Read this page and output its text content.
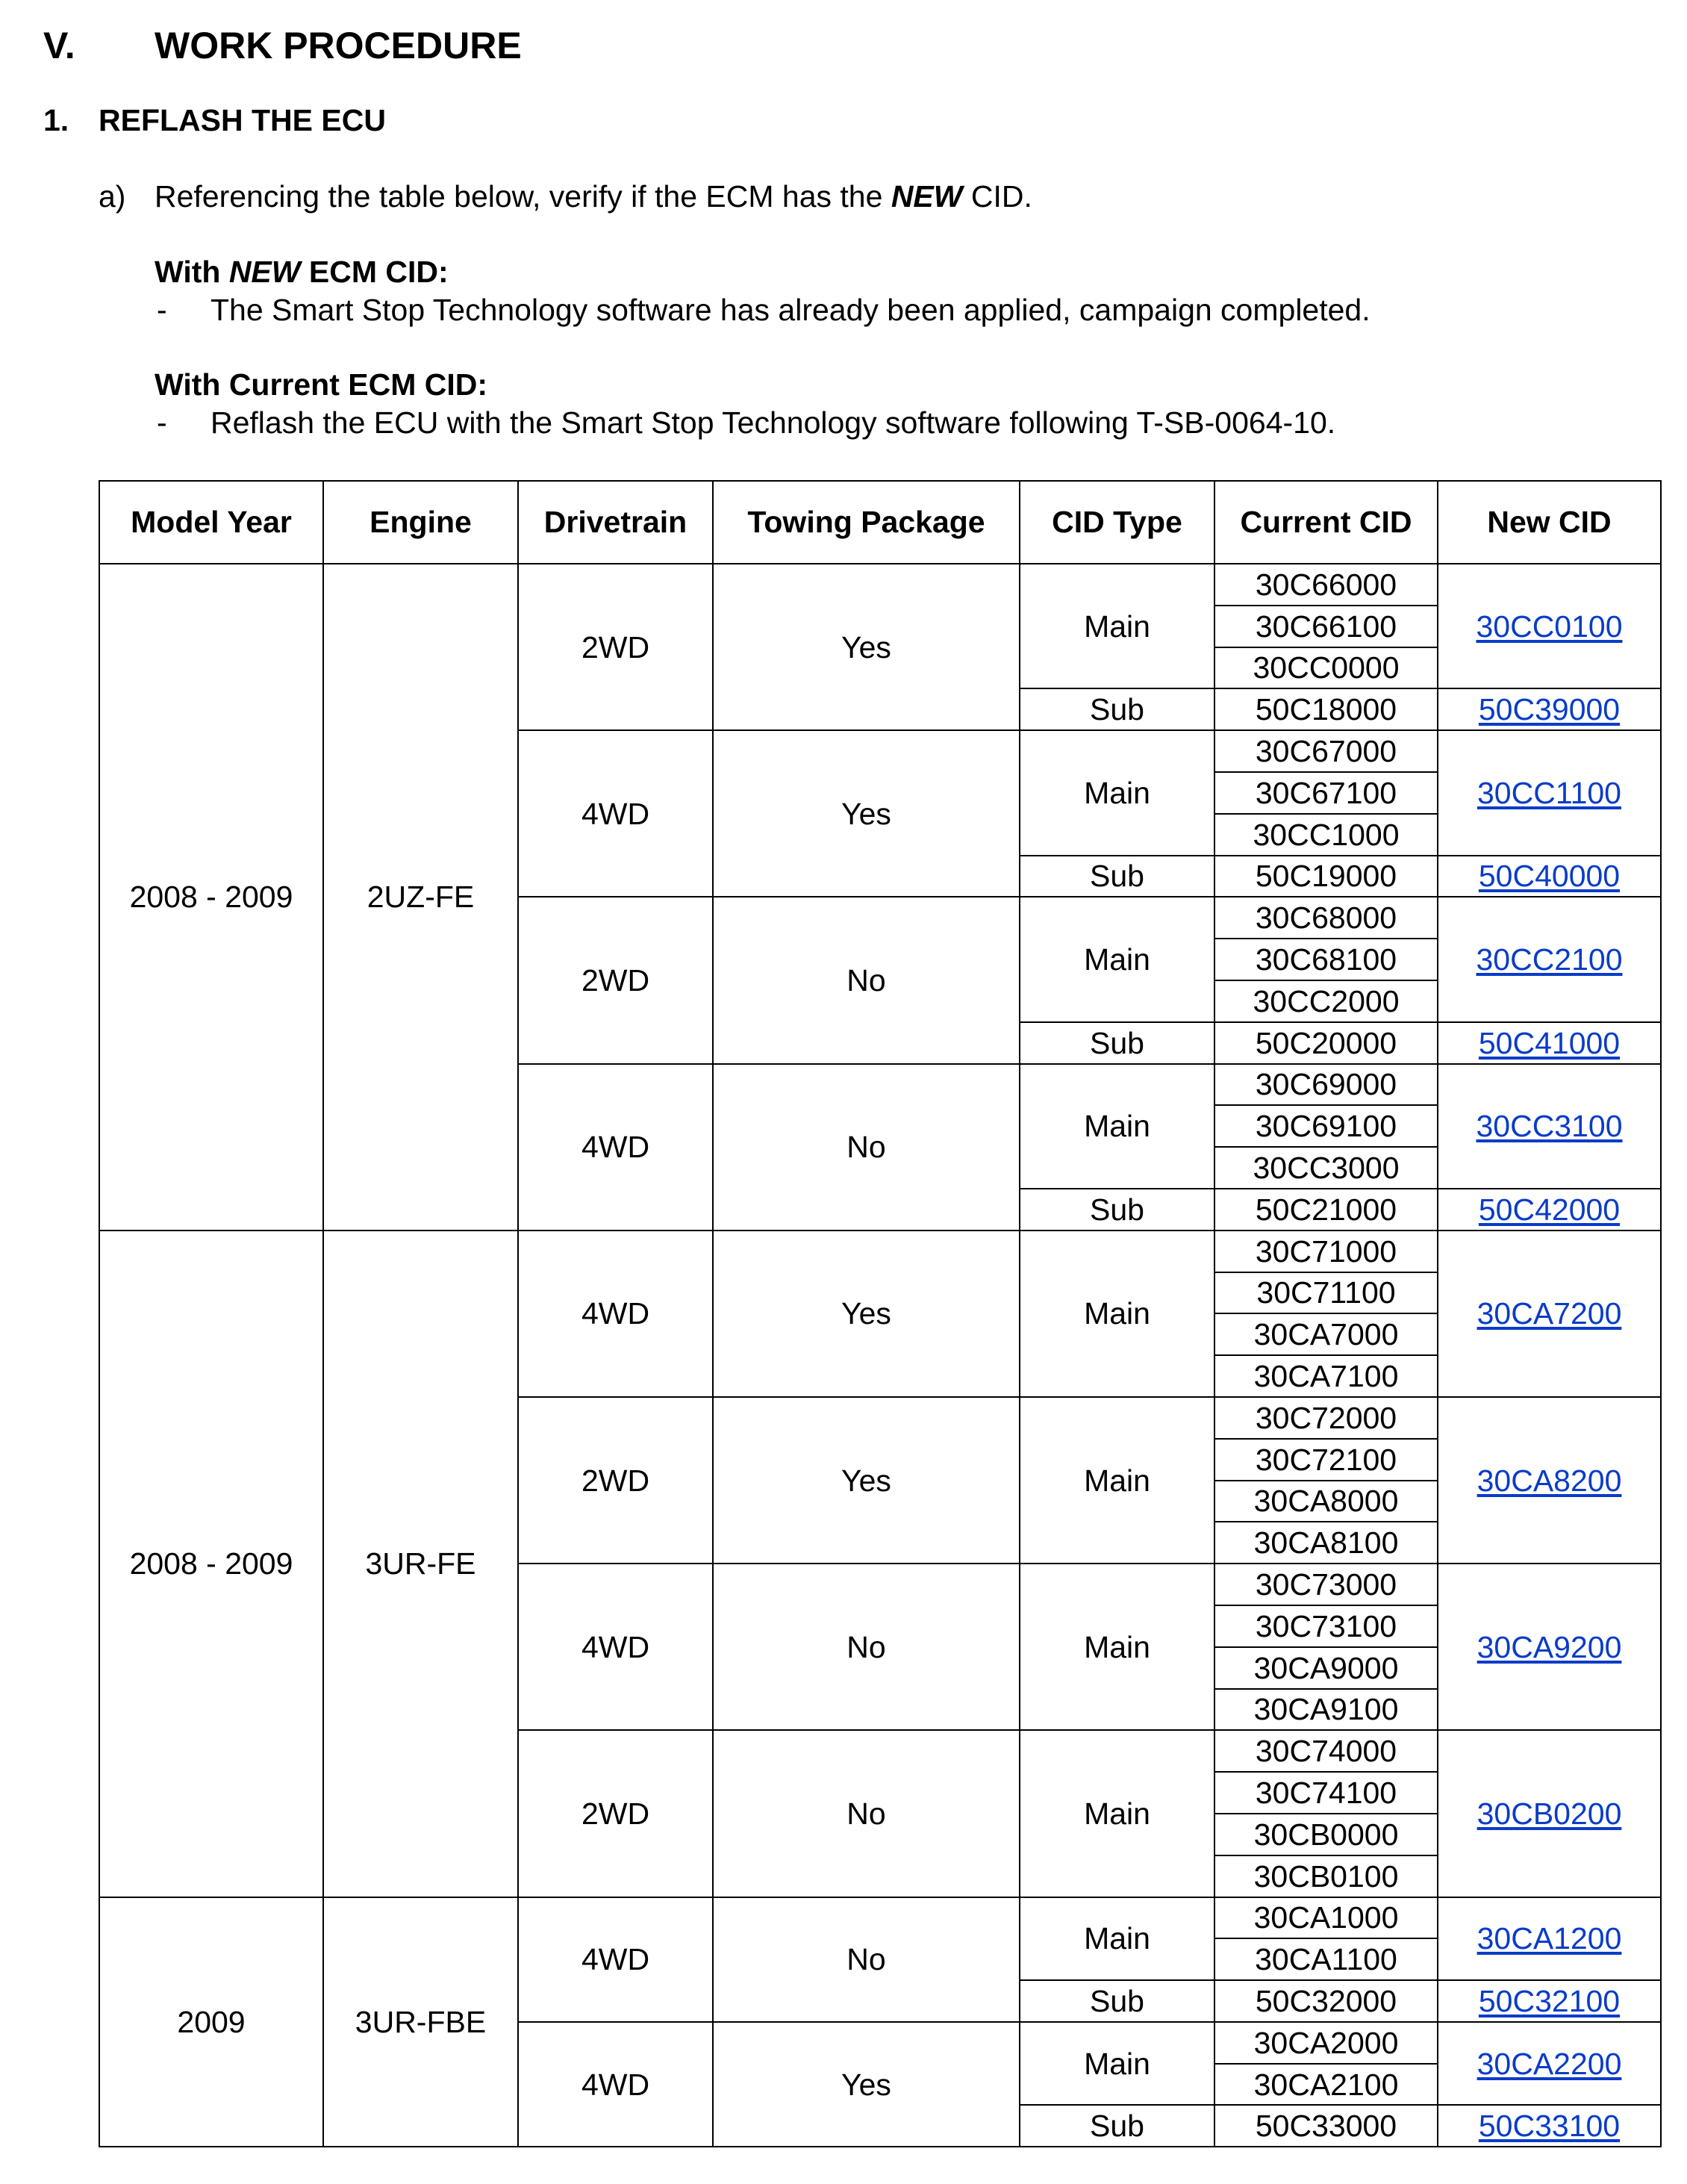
V. WORK PROCEDURE
1. REFLASH THE ECU
a) Referencing the table below, verify if the ECM has the NEW CID.
With NEW ECM CID:
- The Smart Stop Technology software has already been applied, campaign completed.
With Current ECM CID:
- Reflash the ECU with the Smart Stop Technology software following T-SB-0064-10.
Model Year	Engine	Drivetrain	Towing Package	CID Type	Current CID	New CID
2008 - 2009	2UZ-FE	2WD	Yes	Main	30C66000	30CC0100
					30C66100	
					30CC0000	
				Sub	50C18000	50C39000
		4WD	Yes	Main	30C67000	30CC1100
					30C67100	
					30CC1000	
				Sub	50C19000	50C40000
		2WD	No	Main	30C68000	30CC2100
					30C68100	
					30CC2000	
				Sub	50C20000	50C41000
		4WD	No	Main	30C69000	30CC3100
					30C69100	
					30CC3000	
				Sub	50C21000	50C42000
2008 - 2009	3UR-FE	4WD	Yes	Main	30C71000	30CA7200
					30C71100	
					30CA7000	
					30CA7100	
		2WD	Yes	Main	30C72000	30CA8200
					30C72100	
					30CA8000	
					30CA8100	
		4WD	No	Main	30C73000	30CA9200
					30C73100	
					30CA9000	
					30CA9100	
		2WD	No	Main	30C74000	30CB0200
					30C74100	
					30CB0000	
					30CB0100	
2009	3UR-FBE	4WD	No	Main	30CA1000	30CA1200
					30CA1100	
				Sub	50C32000	50C32100
		4WD	Yes	Main	30CA2000	30CA2200
					30CA2100	
				Sub	50C33000	50C33100
